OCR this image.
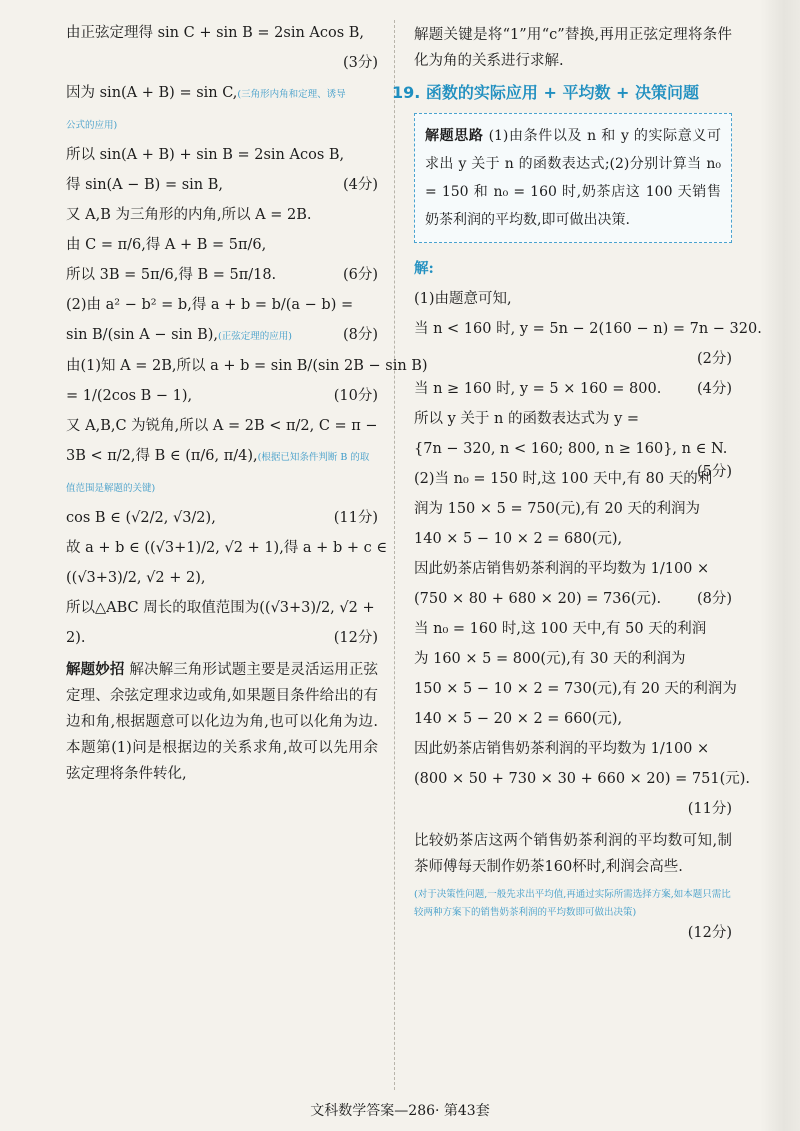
由正弦定理得 sin C + sin B = 2sin Acos B,
(3分)
因为 sin(A + B) = sin C,(三角形内角和定理、诱导
公式的应用)
所以 sin(A + B) + sin B = 2sin Acos B,
得 sin(A − B) = sin B,	(4分)
又 A,B 为三角形的内角,所以 A = 2B.
由 C = π/6,得 A + B = 5π/6,
所以 3B = 5π/6,得 B = 5π/18.	(6分)
(2)由 a² − b² = b,得 a + b = b/(a − b) =
sin B/(sin A − sin B),(正弦定理的应用)	(8分)
由(1)知 A = 2B,所以 a + b = sin B/(sin 2B − sin B)
= 1/(2cos B − 1),	(10分)
又 A,B,C 为锐角,所以 A = 2B < π/2, C = π −
3B < π/2,得 B ∈ (π/6, π/4),(根据已知条件判断 B 的取
值范围是解题的关键)
cos B ∈ (√2/2, √3/2),	(11分)
故 a + b ∈ ((√3+1)/2, √2 + 1),得 a + b + c ∈
((√3+3)/2, √2 + 2),
所以△ABC 周长的取值范围为((√3+3)/2, √2 +
2).	(12分)
解题妙招 解决解三角形试题主要是灵活运用正弦定理、余弦定理求边或角,如果题目条件给出的有边和角,根据题意可以化边为角,也可以化角为边. 本题第(1)问是根据边的关系求角,故可以先用余弦定理将条件转化,
解题关键是将“1”用“c”替换,再用正弦定理将条件化为角的关系进行求解.
19. 函数的实际应用 + 平均数 + 决策问题
解题思路 (1)由条件以及 n 和 y 的实际意义可求出 y 关于 n 的函数表达式;(2)分别计算当 n₀ = 150 和 n₀ = 160 时,奶茶店这 100 天销售奶茶利润的平均数,即可做出决策.
解:
(1)由题意可知,
当 n < 160 时, y = 5n − 2(160 − n) = 7n − 320.
(2分)
当 n ≥ 160 时, y = 5 × 160 = 800. (4分)
所以 y 关于 n 的函数表达式为 y =
{7n − 320, n < 160; 800, n ≥ 160}, n ∈ N.
(5分)
(2)当 n₀ = 150 时,这 100 天中,有 80 天的利
润为 150 × 5 = 750(元),有 20 天的利润为
140 × 5 − 10 × 2 = 680(元),
因此奶茶店销售奶茶利润的平均数为 1/100 ×
(750 × 80 + 680 × 20) = 736(元). (8分)
当 n₀ = 160 时,这 100 天中,有 50 天的利润
为 160 × 5 = 800(元),有 30 天的利润为
150 × 5 − 10 × 2 = 730(元),有 20 天的利润为
140 × 5 − 20 × 2 = 660(元),
因此奶茶店销售奶茶利润的平均数为 1/100 ×
(800 × 50 + 730 × 30 + 660 × 20) = 751(元).
(11分)
比较奶茶店这两个销售奶茶利润的平均数可知,制茶师傅每天制作奶茶160杯时,利润会高些.
(对于决策性问题,一般先求出平均值,再通过实际所需选择方案,如本题只需比较两种方案下的销售奶茶利润的平均数即可做出决策)
(12分)
文科数学答案—286· 第43套
